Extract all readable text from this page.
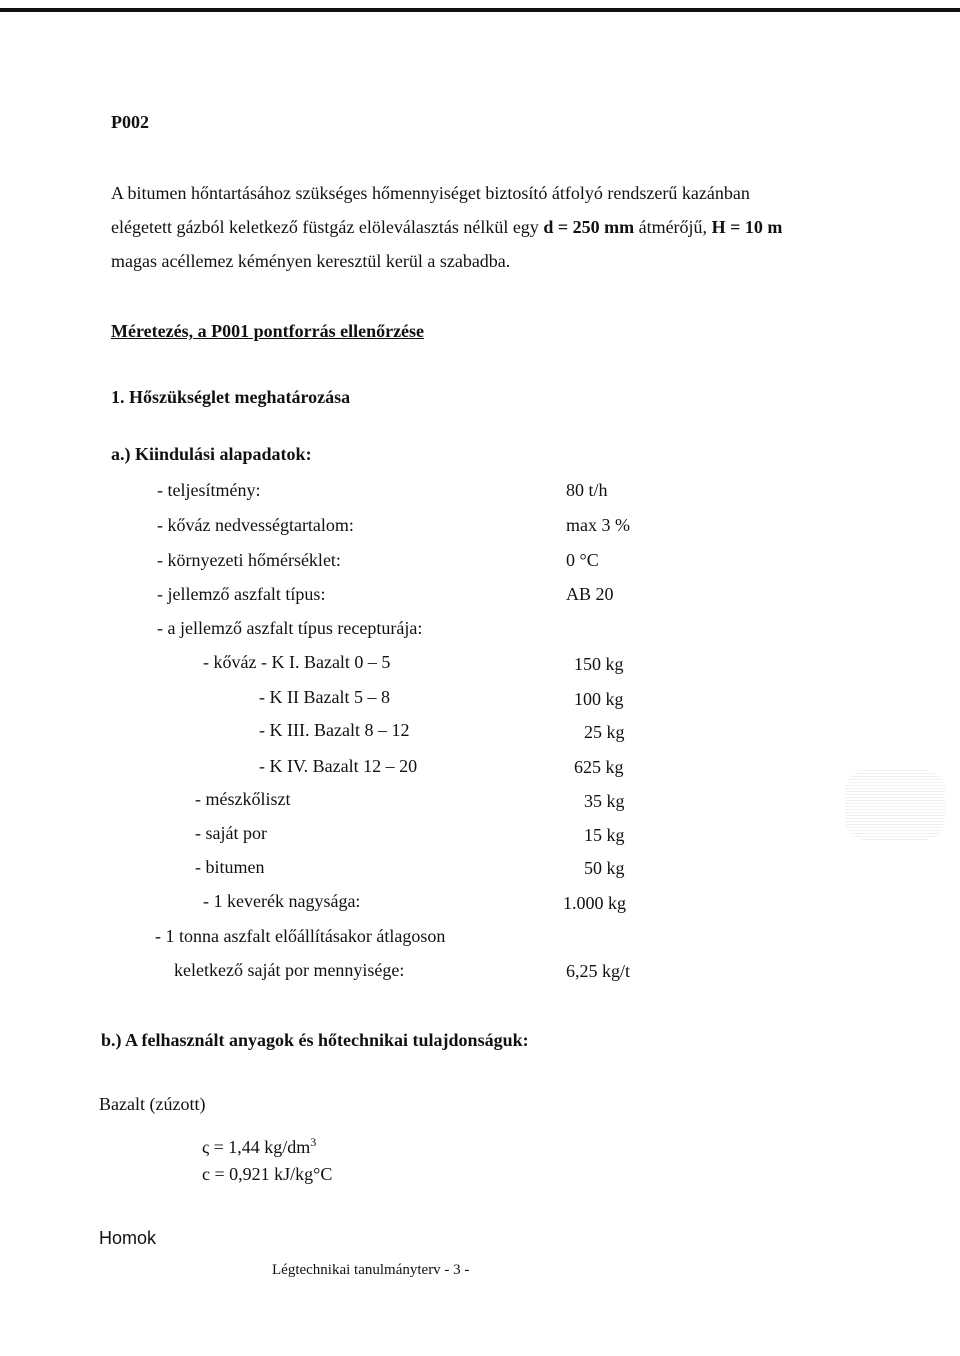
P002
A bitumen hőntartásához szükséges hőmennyiséget biztosító átfolyó rendszerű kazánban
elégetett gázból keletkező füstgáz elöleválasztás nélkül egy d = 250 mm átmérőjű, H = 10 m
magas acéllemez kéményen keresztül kerül a szabadba.
Méretezés, a P001 pontforrás ellenőrzése
1. Hőszükséglet meghatározása
a.) Kiindulási alapadatok:
- teljesítmény:	80 t/h
- kőváz nedvességtartalom:	max 3 %
- környezeti hőmérséklet:	0 °C
- jellemző aszfalt típus:	AB 20
- a jellemző aszfalt típus recepturája:
- kőváz - K I. Bazalt 0 – 5	150 kg
- K II Bazalt 5 – 8	100 kg
- K III. Bazalt 8 – 12	25 kg
- K IV. Bazalt 12 – 20	625 kg
- mészkőliszt	35 kg
- saját por	15 kg
- bitumen	50 kg
- 1 keverék nagysága:	1.000 kg
- 1 tonna aszfalt előállításakor átlagoson
keletkező saját por mennyisége:	6,25 kg/t
b.) A felhasznált anyagok és hőtechnikai tulajdonságuk:
Bazalt (zúzott)
ς = 1,44 $kg/dm^3$
c = 0,921 kJ/kg°C
Homok
Légtechnikai tanulmányterv - 3 -
